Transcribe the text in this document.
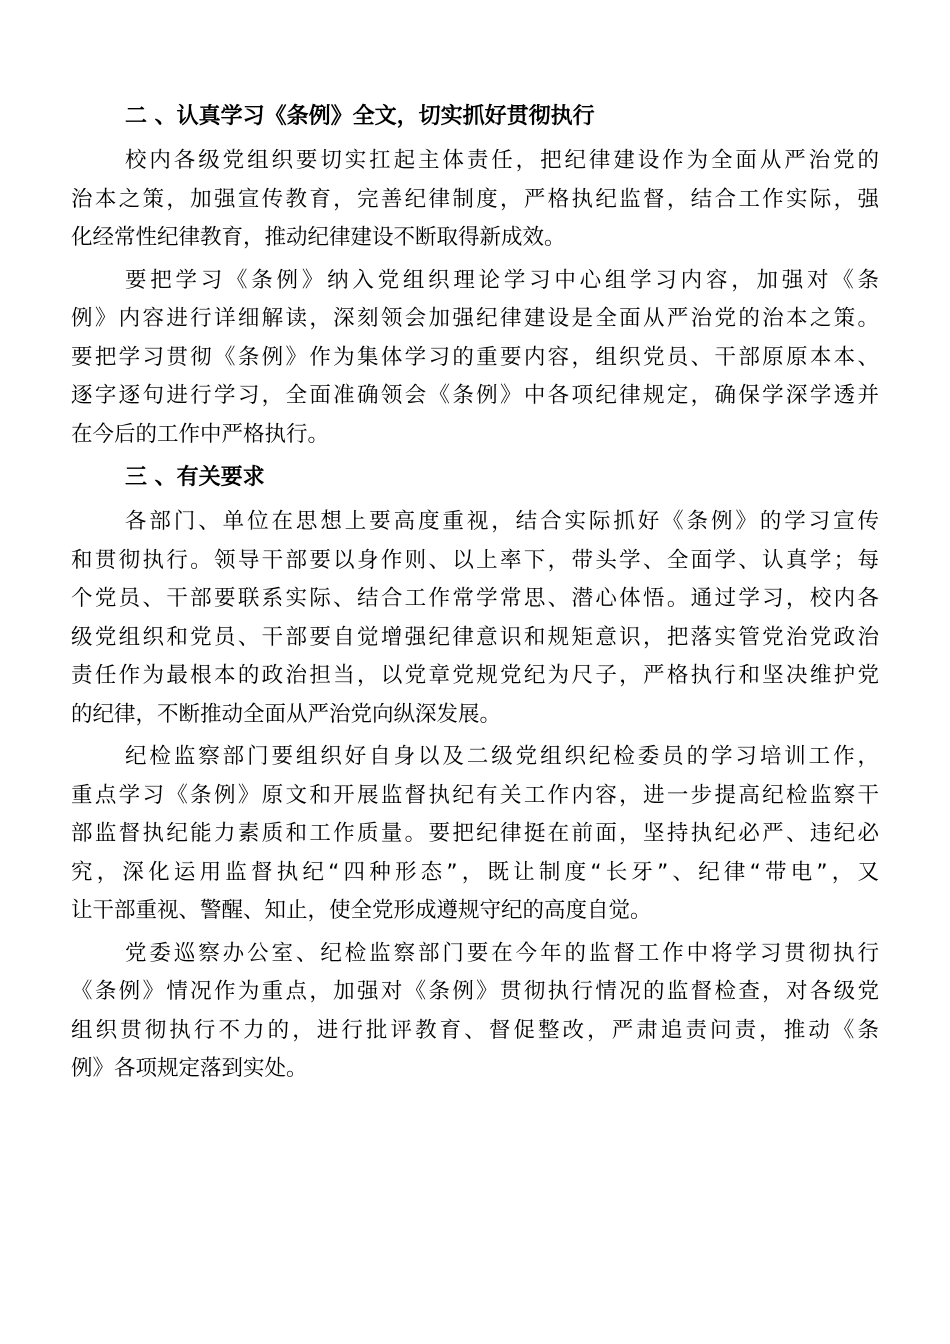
二 、认真学习《条例》全文，切实抓好贯彻执行
校内各级党组织要切实扛起主体责任，把纪律建设作为全面从严治党的
治本之策，加强宣传教育，完善纪律制度，严格执纪监督，结合工作实际，强
化经常性纪律教育，推动纪律建设不断取得新成效。
要把学习《条例》纳入党组织理论学习中心组学习内容，加强对《条
例》内容进行详细解读，深刻领会加强纪律建设是全面从严治党的治本之策。
要把学习贯彻《条例》作为集体学习的重要内容，组织党员、干部原原本本、
逐字逐句进行学习，全面准确领会《条例》中各项纪律规定，确保学深学透并
在今后的工作中严格执行。
三 、有关要求
各部门、单位在思想上要高度重视，结合实际抓好《条例》的学习宣传
和贯彻执行。领导干部要以身作则、以上率下，带头学、全面学、认真学；每
个党员、干部要联系实际、结合工作常学常思、潜心体悟。通过学习，校内各
级党组织和党员、干部要自觉增强纪律意识和规矩意识，把落实管党治党政治
责任作为最根本的政治担当，以党章党规党纪为尺子，严格执行和坚决维护党
的纪律，不断推动全面从严治党向纵深发展。
纪检监察部门要组织好自身以及二级党组织纪检委员的学习培训工作，
重点学习《条例》原文和开展监督执纪有关工作内容，进一步提高纪检监察干
部监督执纪能力素质和工作质量。要把纪律挺在前面，坚持执纪必严、违纪必
究，深化运用监督执纪“四种形态”，既让制度“长牙”、纪律“带电”，又
让干部重视、警醒、知止，使全党形成遵规守纪的高度自觉。
党委巡察办公室、纪检监察部门要在今年的监督工作中将学习贯彻执行
《条例》情况作为重点，加强对《条例》贯彻执行情况的监督检查，对各级党
组织贯彻执行不力的，进行批评教育、督促整改，严肃追责问责，推动《条
例》各项规定落到实处。
